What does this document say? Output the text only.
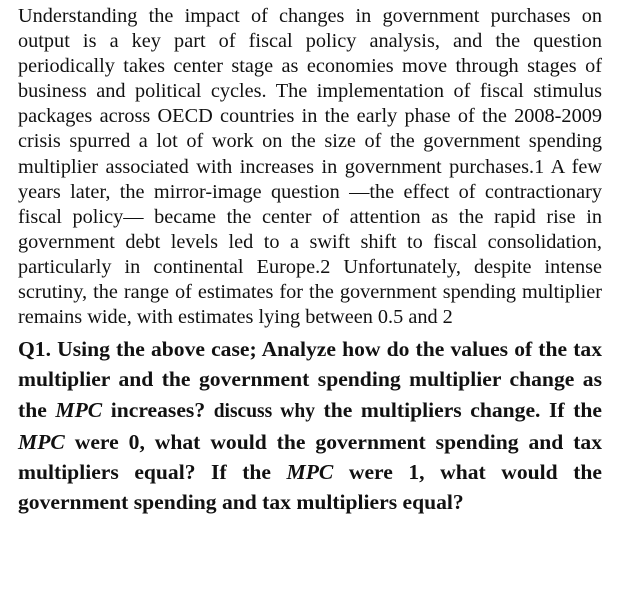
Understanding the impact of changes in government purchases on output is a key part of fiscal policy analysis, and the question periodically takes center stage as economies move through stages of business and political cycles. The implementation of fiscal stimulus packages across OECD countries in the early phase of the 2008-2009 crisis spurred a lot of work on the size of the government spending multiplier associated with increases in government purchases.1 A few years later, the mirror-image question —the effect of contractionary fiscal policy— became the center of attention as the rapid rise in government debt levels led to a swift shift to fiscal consolidation, particularly in continental Europe.2 Unfortunately, despite intense scrutiny, the range of estimates for the government spending multiplier remains wide, with estimates lying between 0.5 and 2

Q1. Using the above case; Analyze how do the values of the tax multiplier and the government spending multiplier change as the MPC increases? discuss why the multipliers change. If the MPC were 0, what would the government spending and tax multipliers equal? If the MPC were 1, what would the government spending and tax multipliers equal?
